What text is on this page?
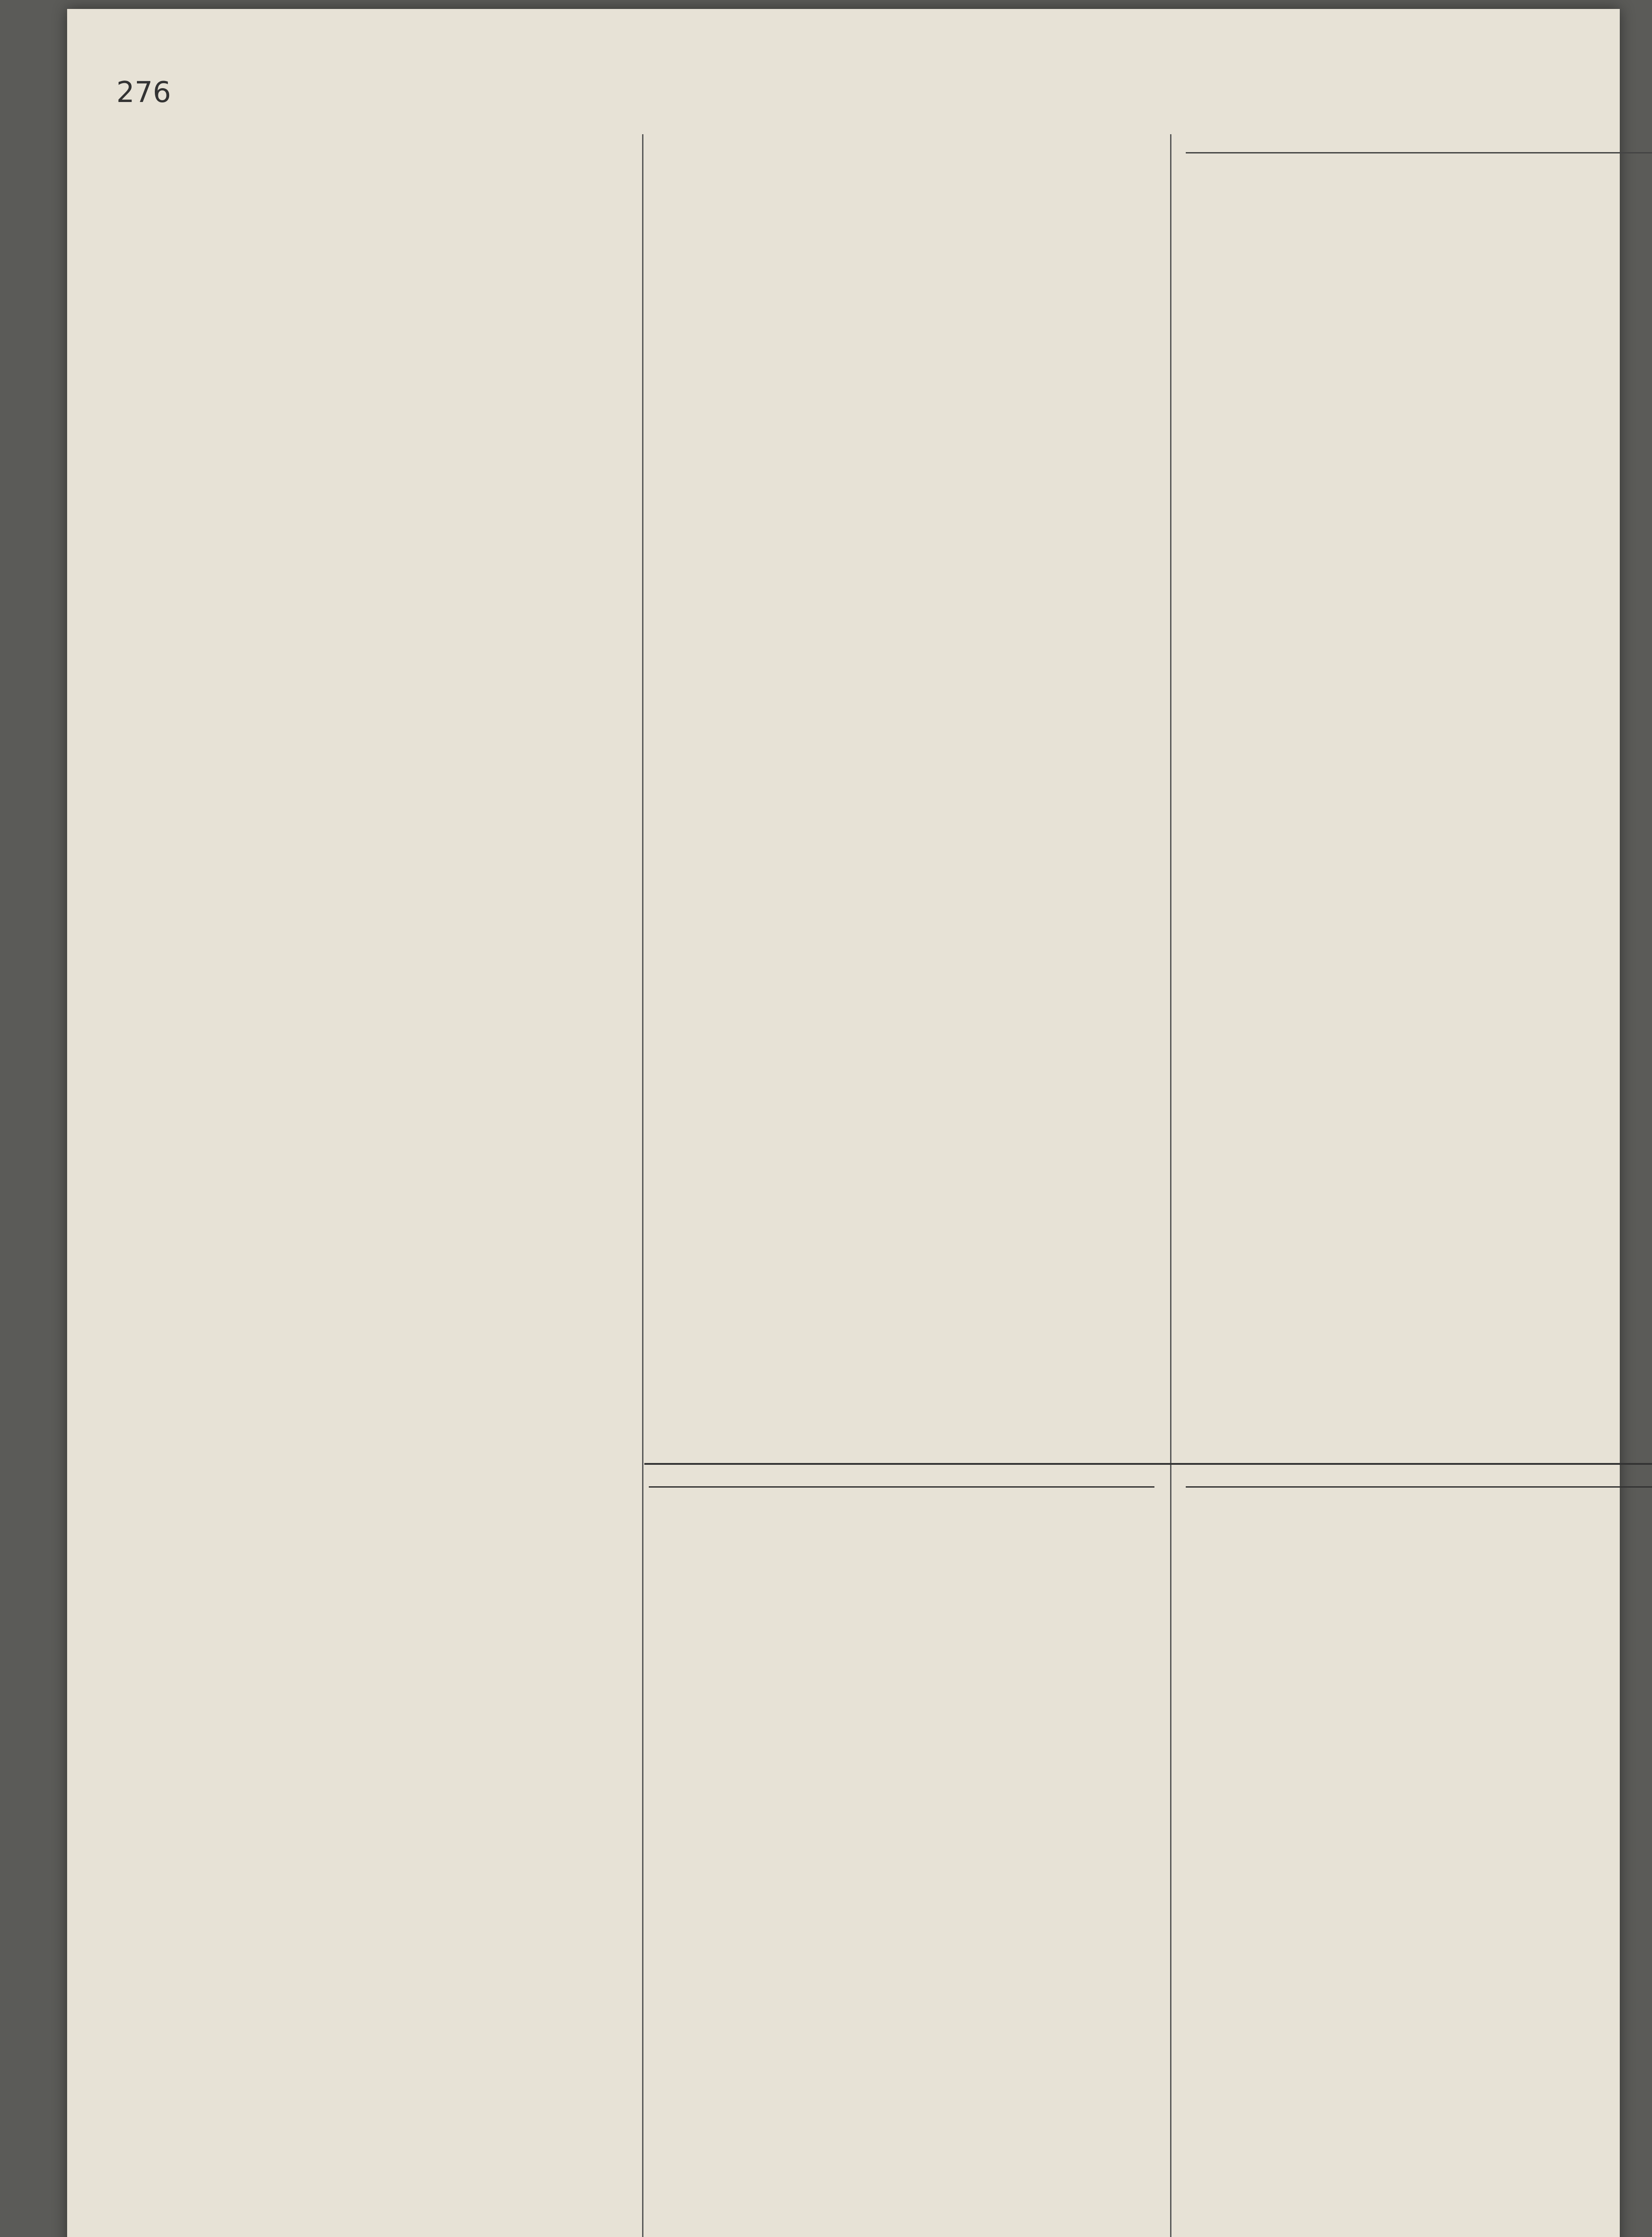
276
